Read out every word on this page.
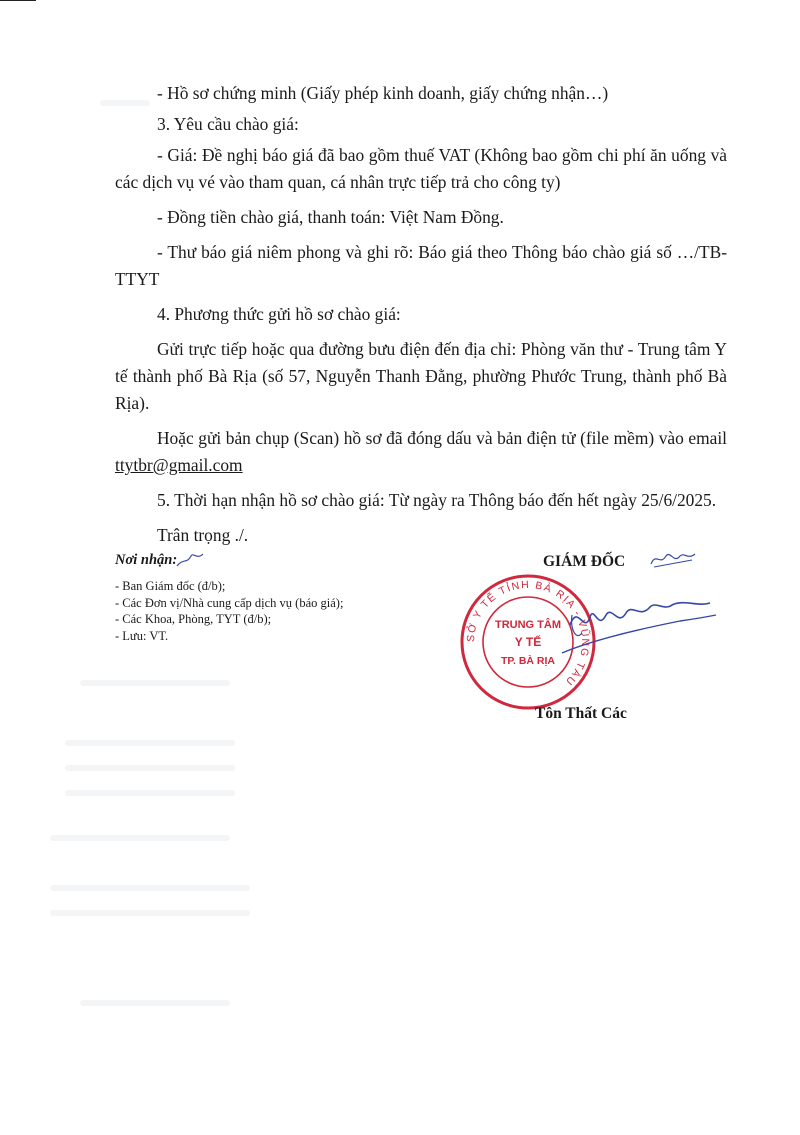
- Hồ sơ chứng minh (Giấy phép kinh doanh, giấy chứng nhận…)

3. Yêu cầu chào giá:

- Giá: Đề nghị báo giá đã bao gồm thuế VAT (Không bao gồm chi phí ăn uống và các dịch vụ vé vào tham quan, cá nhân trực tiếp trả cho công ty)

- Đồng tiền chào giá, thanh toán: Việt Nam Đồng.

- Thư báo giá niêm phong và ghi rõ: Báo giá theo Thông báo chào giá số …/TB-TTYT

4. Phương thức gửi hồ sơ chào giá:

Gửi trực tiếp hoặc qua đường bưu điện đến địa chỉ: Phòng văn thư - Trung tâm Y tế thành phố Bà Rịa (số 57, Nguyễn Thanh Đằng, phường Phước Trung, thành phố Bà Rịa).

Hoặc gửi bản chụp (Scan) hồ sơ đã đóng dấu và bản điện tử (file mềm) vào email ttytbr@gmail.com

5. Thời hạn nhận hồ sơ chào giá: Từ ngày ra Thông báo đến hết ngày 25/6/2025.

Trân trọng ./.

Nơi nhận:
- Ban Giám đốc (đ/b);
- Các Đơn vị/Nhà cung cấp dịch vụ (báo giá);
- Các Khoa, Phòng, TYT (đ/b);
- Lưu: VT.
GIÁM ĐỐC
SỞ Y TẾ TỈNH BÀ RỊA - VŨNG TÀU
TRUNG TÂM
Y TẾ
TP. BÀ RỊA
Tôn Thất Các
